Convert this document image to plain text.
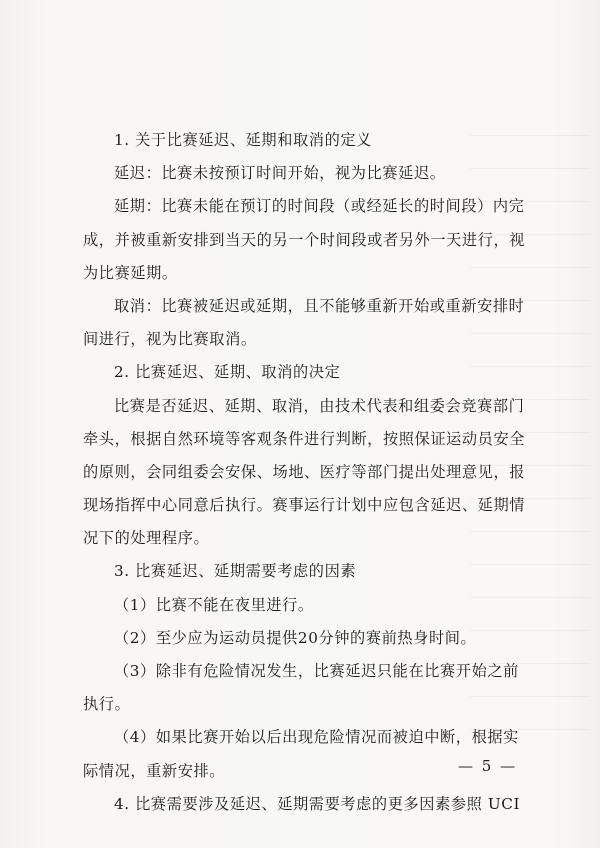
1. 关于比赛延迟、延期和取消的定义
延迟：比赛未按预订时间开始，视为比赛延迟。
延期：比赛未能在预订的时间段（或经延长的时间段）内完
成，并被重新安排到当天的另一个时间段或者另外一天进行，视
为比赛延期。
取消：比赛被延迟或延期，且不能够重新开始或重新安排时
间进行，视为比赛取消。
2. 比赛延迟、延期、取消的决定
比赛是否延迟、延期、取消，由技术代表和组委会竞赛部门
牵头，根据自然环境等客观条件进行判断，按照保证运动员安全
的原则，会同组委会安保、场地、医疗等部门提出处理意见，报
现场指挥中心同意后执行。赛事运行计划中应包含延迟、延期情
况下的处理程序。
3. 比赛延迟、延期需要考虑的因素
（1）比赛不能在夜里进行。
（2）至少应为运动员提供20分钟的赛前热身时间。
（3）除非有危险情况发生，比赛延迟只能在比赛开始之前
执行。
（4）如果比赛开始以后出现危险情况而被迫中断，根据实
际情况，重新安排。
4. 比赛需要涉及延迟、延期需要考虑的更多因素参照 UCI
— 5 —
